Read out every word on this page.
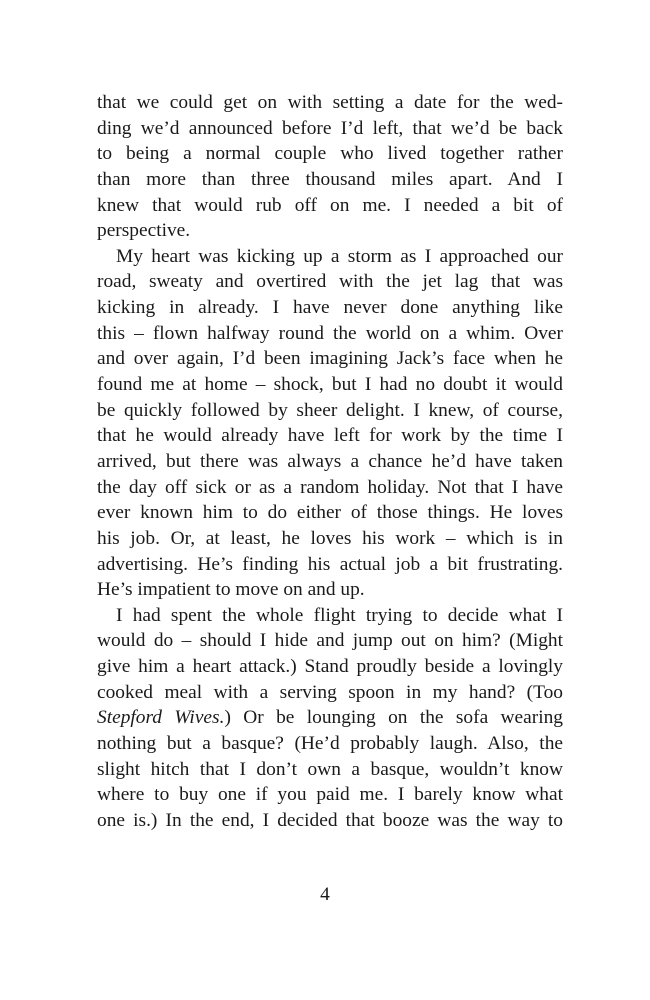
that we could get on with setting a date for the wed-
ding we’d announced before I’d left, that we’d be back
to being a normal couple who lived together rather
than more than three thousand miles apart. And I
knew that would rub off on me. I needed a bit of
perspective.
My heart was kicking up a storm as I approached our
road, sweaty and overtired with the jet lag that was
kicking in already. I have never done anything like
this – flown halfway round the world on a whim. Over
and over again, I’d been imagining Jack’s face when he
found me at home – shock, but I had no doubt it would
be quickly followed by sheer delight. I knew, of course,
that he would already have left for work by the time I
arrived, but there was always a chance he’d have taken
the day off sick or as a random holiday. Not that I have
ever known him to do either of those things. He loves
his job. Or, at least, he loves his work – which is in
advertising. He’s finding his actual job a bit frustrating.
He’s impatient to move on and up.
I had spent the whole flight trying to decide what I
would do – should I hide and jump out on him? (Might
give him a heart attack.) Stand proudly beside a lovingly
cooked meal with a serving spoon in my hand? (Too
Stepford Wives.) Or be lounging on the sofa wearing
nothing but a basque? (He’d probably laugh. Also, the
slight hitch that I don’t own a basque, wouldn’t know
where to buy one if you paid me. I barely know what
one is.) In the end, I decided that booze was the way to
4
